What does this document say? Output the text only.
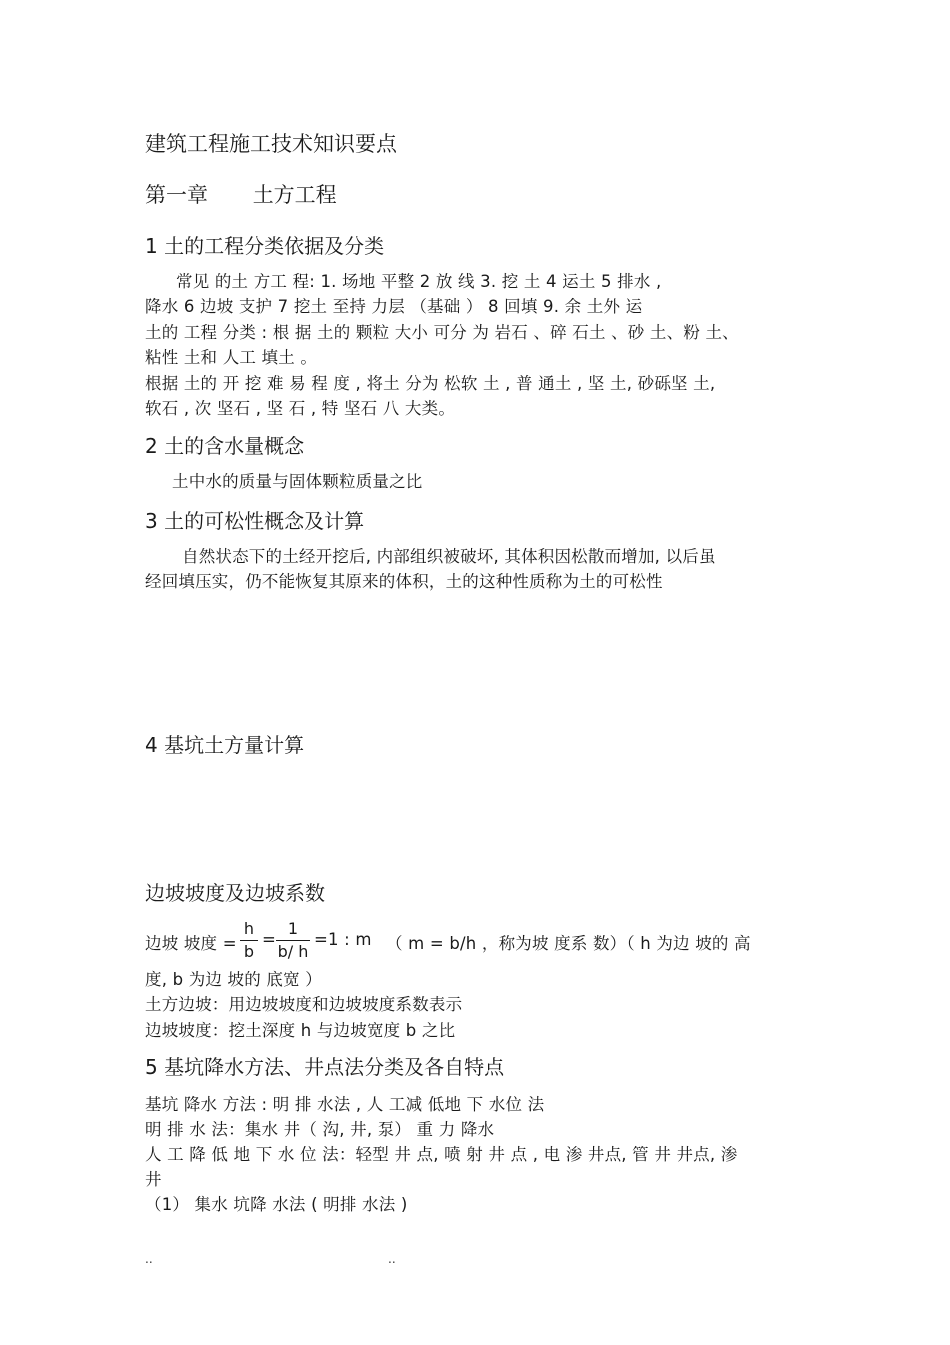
建筑工程施工技术知识要点
第一章 土方工程
1 土的工程分类依据及分类
常见 的土 方工 程: 1. 场地 平整 2 放 线 3. 挖 土 4 运土 5 排水 ,
降水 6 边坡 支护 7 挖土 至持 力层 （基础 ） 8 回填 9. 余 土外 运
土的 工程 分类 : 根 据 土的 颗粒 大小 可分 为 岩石 、碎 石土 、砂 土、粉 土、
粘性 土和 人工 填土 。
根据 土的 开 挖 难 易 程 度 , 将土 分为 松软 土 , 普 通土 , 坚 土, 砂砾坚 土,
软石 , 次 坚石 , 坚 石 , 特 坚石 八 大类。
2 土的含水量概念
土中水的质量与固体颗粒质量之比
3 土的可松性概念及计算
自然状态下的土经开挖后, 内部组织被破坏, 其体积因松散而增加, 以后虽
经回填压实，仍不能恢复其原来的体积，土的这种性质称为土的可松性
4 基坑土方量计算
边坡坡度及边坡系数
边坡 坡度 =
h
b
=
1
b/ h
=1 : m （ m = b/h ，称为坡 度系 数）（ h 为边 坡的 高
度, b 为边 坡的 底宽 ）
土方边坡：用边坡坡度和边坡坡度系数表示
边坡坡度：挖土深度 h 与边坡宽度 b 之比
5 基坑降水方法、井点法分类及各自特点
基坑 降水 方法 : 明 排 水法 , 人 工减 低地 下 水位 法
明 排 水 法：集水 井（ 沟, 井, 泵） 重 力 降水
人 工 降 低 地 下 水 位 法：轻型 井 点, 喷 射 井 点 , 电 渗 井点, 管 井 井点, 渗
井
（1） 集水 坑降 水法 ( 明排 水法 )
..	..
